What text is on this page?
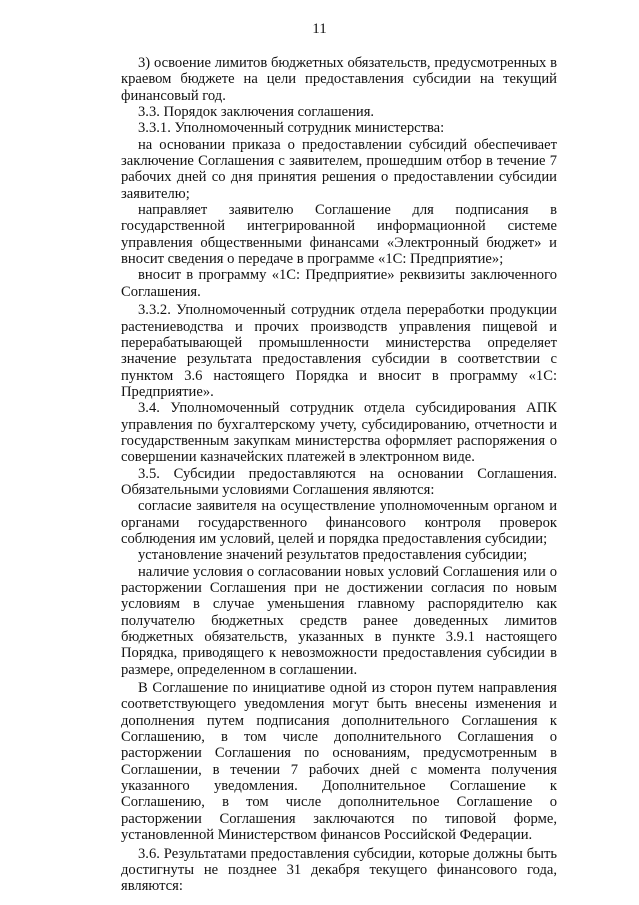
11

3) освоение лимитов бюджетных обязательств, предусмотренных в краевом бюджете на цели предоставления субсидии на текущий финансовый год.

3.3. Порядок заключения соглашения.

3.3.1. Уполномоченный сотрудник министерства:

на основании приказа о предоставлении субсидий обеспечивает заключение Соглашения с заявителем, прошедшим отбор в течение 7 рабочих дней со дня принятия решения о предоставлении субсидии заявителю;

направляет заявителю Соглашение для подписания в государственной интегрированной информационной системе управления общественными финансами «Электронный бюджет» и вносит сведения о передаче в программе «1С: Предприятие»;

вносит в программу «1С: Предприятие» реквизиты заключенного Соглашения.

3.3.2. Уполномоченный сотрудник отдела переработки продукции растениеводства и прочих производств управления пищевой и перерабатывающей промышленности министерства определяет значение результата предоставления субсидии в соответствии с пунктом 3.6 настоящего Порядка и вносит в программу «1С: Предприятие».

3.4. Уполномоченный сотрудник отдела субсидирования АПК управления по бухгалтерскому учету, субсидированию, отчетности и государственным закупкам министерства оформляет распоряжения о совершении казначейских платежей в электронном виде.

3.5. Субсидии предоставляются на основании Соглашения. Обязательными условиями Соглашения являются:

согласие заявителя на осуществление уполномоченным органом и органами государственного финансового контроля проверок соблюдения им условий, целей и порядка предоставления субсидии;

установление значений результатов предоставления субсидии;

наличие условия о согласовании новых условий Соглашения или о расторжении Соглашения при не достижении согласия по новым условиям в случае уменьшения главному распорядителю как получателю бюджетных средств ранее доведенных лимитов бюджетных обязательств, указанных в пункте 3.9.1 настоящего Порядка, приводящего к невозможности предоставления субсидии в размере, определенном в соглашении.

В Соглашение по инициативе одной из сторон путем направления соответствующего уведомления могут быть внесены изменения и дополнения путем подписания дополнительного Соглашения к Соглашению, в том числе дополнительного Соглашения о расторжении Соглашения по основаниям, предусмотренным в Соглашении, в течении 7 рабочих дней с момента получения указанного уведомления. Дополнительное Соглашение к Соглашению, в том числе дополнительное Соглашение о расторжении Соглашения заключаются по типовой форме, установленной Министерством финансов Российской Федерации.

3.6. Результатами предоставления субсидии, которые должны быть достигнуты не позднее 31 декабря текущего финансового года, являются:
